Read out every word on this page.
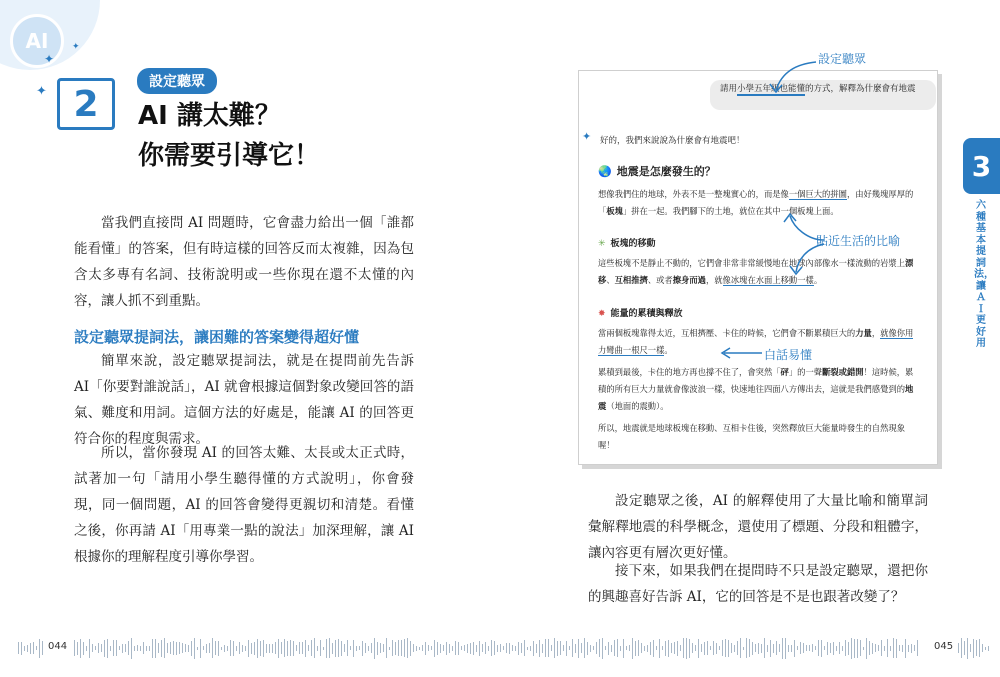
AI
✦
✦
✦ 2
設定聽眾
AI 講太難？
你需要引導它！

當我們直接問 AI 問題時，它會盡力給出一個「誰都能看懂」的答案，但有時這樣的回答反而太複雜，因為包含太多專有名詞、技術說明或一些你現在還不太懂的內容，讓人抓不到重點。

設定聽眾提詞法，讓困難的答案變得超好懂

簡單來說，設定聽眾提詞法，就是在提問前先告訴 AI「你要對誰說話」，AI 就會根據這個對象改變回答的語氣、難度和用詞。這個方法的好處是，能讓 AI 的回答更符合你的程度與需求。

所以，當你發現 AI 的回答太難、太長或太正式時，試著加一句「請用小學生聽得懂的方式說明」，你會發現，同一個問題，AI 的回答會變得更親切和清楚。看懂之後，你再請 AI「用專業一點的說法」加深理解，讓 AI 根據你的理解程度引導你學習。

請用小學五年級也能懂的方式，解釋為什麼會有地震
✦ 好的，我們來說說為什麼會有地震吧！
🌏 地震是怎麼發生的？

想像我們住的地球，外表不是一整塊實心的，而是像一個巨大的拼圖，由好幾塊厚厚的「板塊」拼在一起。我們腳下的土地，就位在其中一個板塊上面。

✳ 板塊的移動

這些板塊不是靜止不動的，它們會非常非常緩慢地在地球內部像水一樣流動的岩漿上漂移、互相推擠、或者擦身而過，就像冰塊在水面上移動一樣。

✸ 能量的累積與釋放

當兩個板塊靠得太近，互相擠壓、卡住的時候，它們會不斷累積巨大的力量，就像你用力彎曲一根尺一樣。

累積到最後，卡住的地方再也撐不住了，會突然「砰」的一聲斷裂或錯開！這時候，累積的所有巨大力量就會像波浪一樣，快速地往四面八方傳出去，這就是我們感覺到的地震（地面的震動）。

所以，地震就是地球板塊在移動、互相卡住後，突然釋放巨大能量時發生的自然現象喔！

設定聽眾
貼近生活的比喻
白話易懂
3
六種基本提詞法，讓ＡＩ更好用

設定聽眾之後，AI 的解釋使用了大量比喻和簡單詞彙解釋地震的科學概念，還使用了標題、分段和粗體字，讓內容更有層次更好懂。

接下來，如果我們在提問時不只是設定聽眾，還把你的興趣喜好告訴 AI，它的回答是不是也跟著改變了？

044	045
